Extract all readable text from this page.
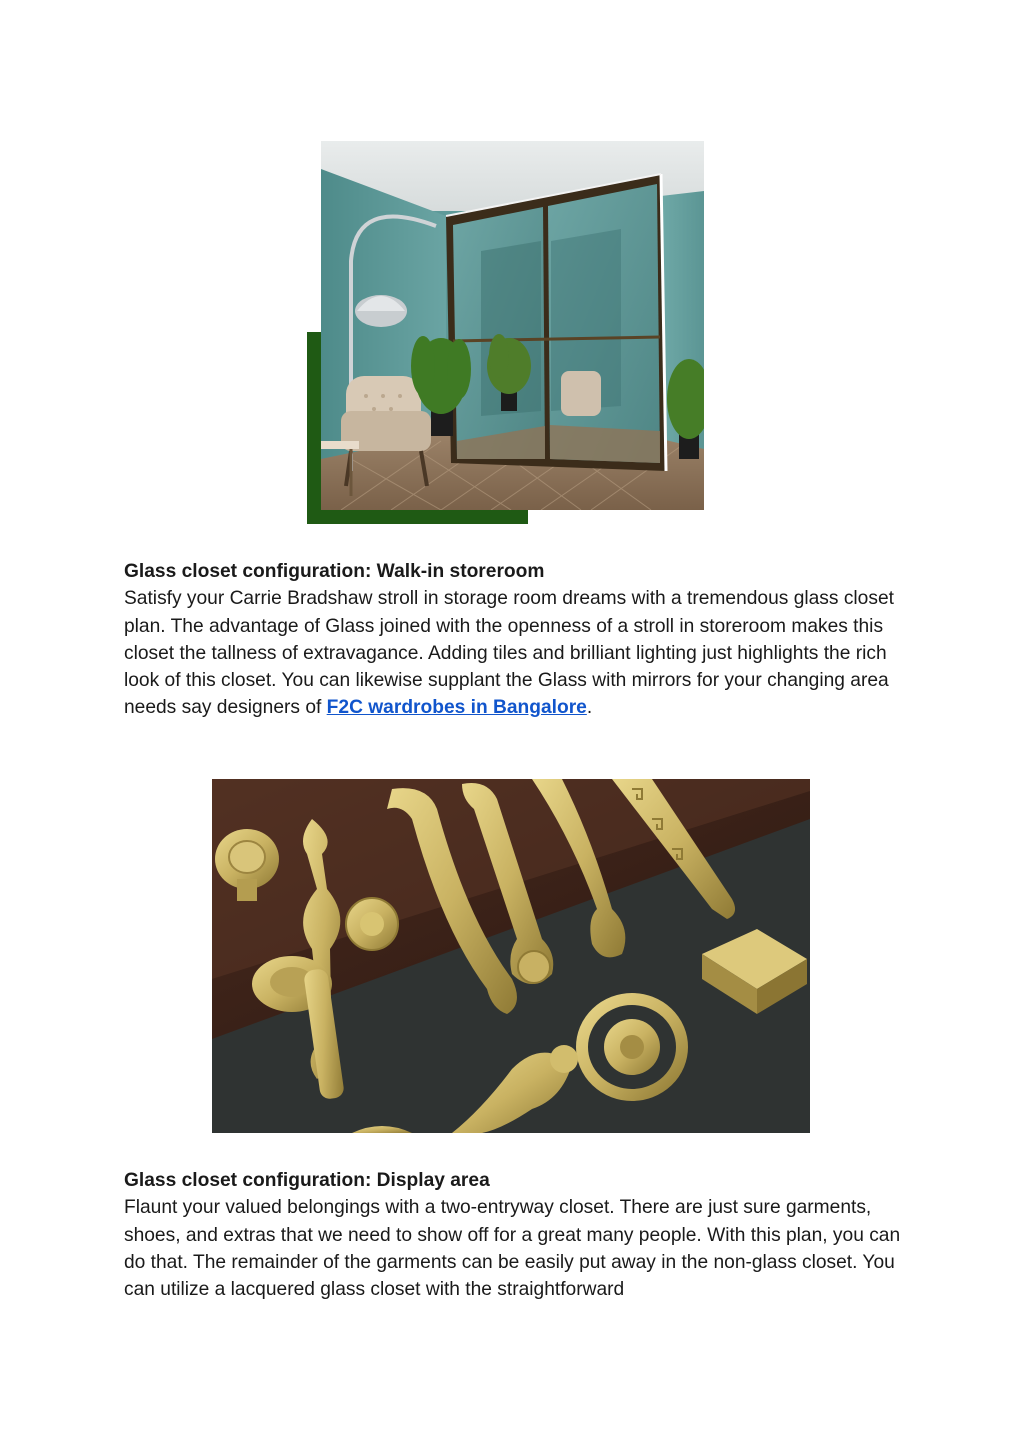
Glass closet configuration: Walk-in storeroom

Satisfy your Carrie Bradshaw stroll in storage room dreams with a tremendous glass closet plan. The advantage of Glass joined with the openness of a stroll in storeroom makes this closet the tallness of extravagance. Adding tiles and brilliant lighting just highlights the rich look of this closet. You can likewise supplant the Glass with mirrors for your changing area needs say designers of F2C wardrobes in Bangalore.

Glass closet configuration: Display area

Flaunt your valued belongings with a two-entryway closet. There are just sure garments, shoes, and extras that we need to show off for a great many people. With this plan, you can do that. The remainder of the garments can be easily put away in the non-glass closet. You can utilize a lacquered glass closet with the straightforward
